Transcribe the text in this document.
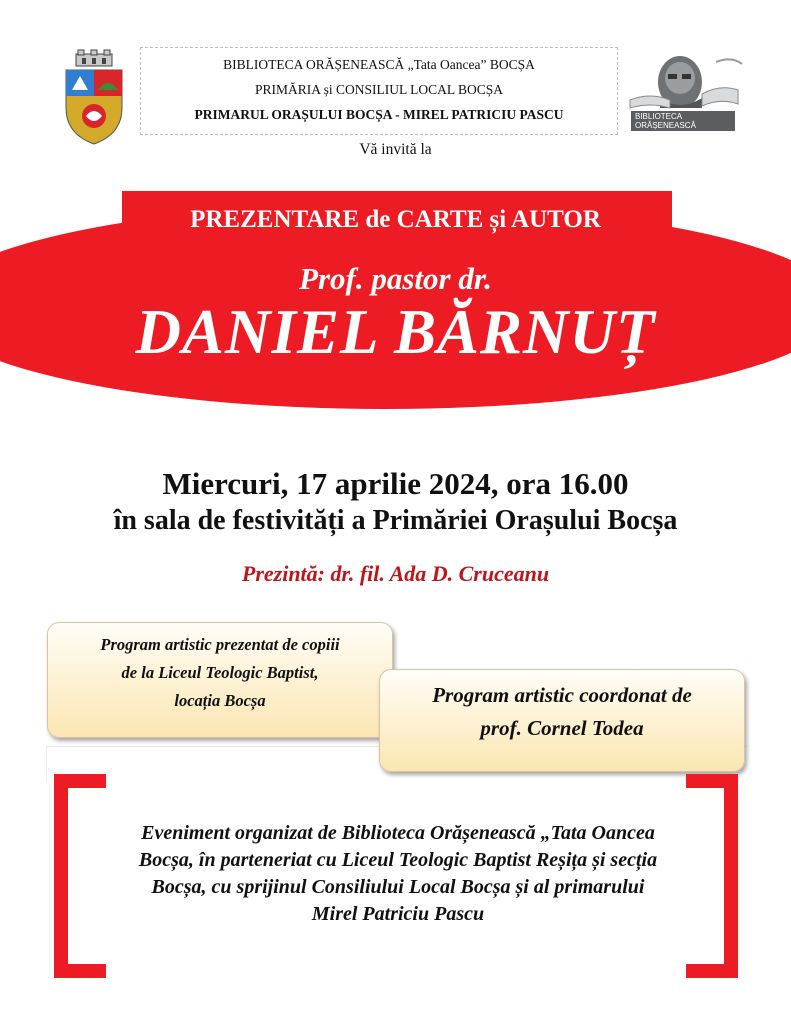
BIBLIOTECA ORĂȘENEASCĂ „Tata Oancea” BOCȘA
PRIMĂRIA și CONSILIUL LOCAL BOCȘA
PRIMARUL ORAȘULUI BOCȘA - MIREL PATRICIU PASCU	BIBLIOTECA ORĂȘENEASCĂ
TATA OANCEA BOCȘA
Vă invită la
PREZENTARE de CARTE și AUTOR
Prof. pastor dr.
DANIEL BĂRNUȚ
Miercuri, 17 aprilie 2024, ora 16.00
în sala de festivități a Primăriei Orașului Bocșa
Prezintă: dr. fil. Ada D. Cruceanu
Program artistic prezentat de copiii
de la Liceul Teologic Baptist,
locația Bocșa	Program artistic coordonat de
prof. Cornel Todea
Eveniment organizat de Biblioteca Orășenească „Tata Oancea
Bocșa, în parteneriat cu Liceul Teologic Baptist Reșița și secția
Bocșa, cu sprijinul Consiliului Local Bocșa și al primarului
Mirel Patriciu Pascu
